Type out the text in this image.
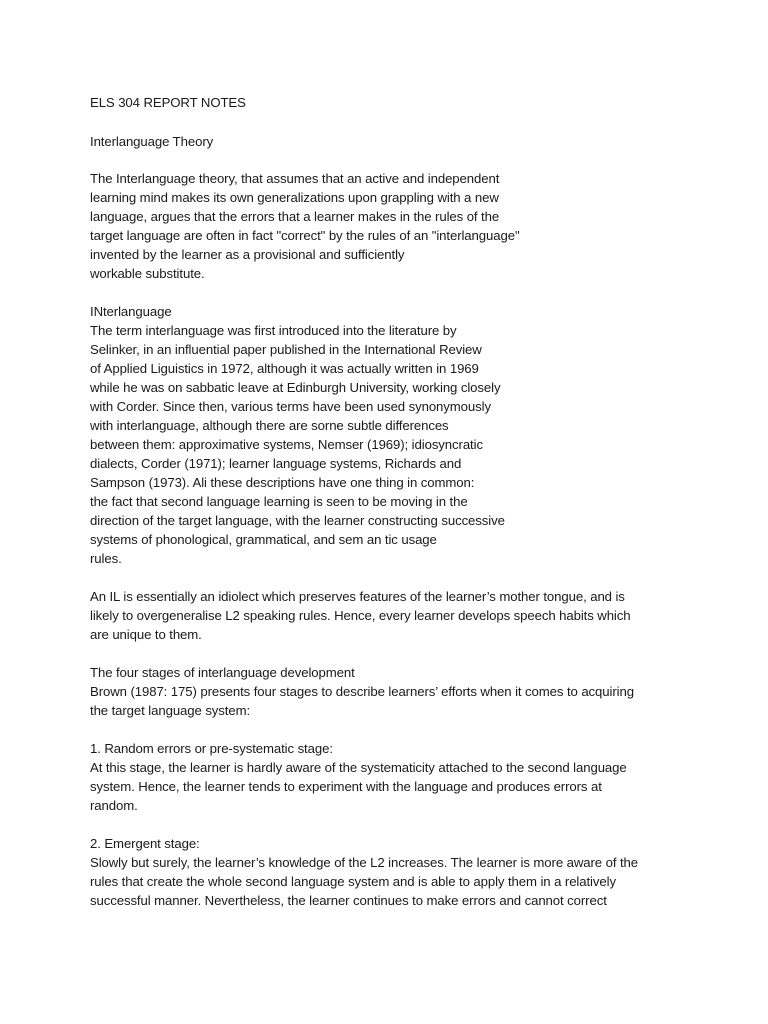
ELS 304 REPORT NOTES
Interlanguage Theory
The Interlanguage theory, that assumes that an active and independent
learning mind makes its own generalizations upon grappling with a new
language, argues that the errors that a learner makes in the rules of the
target language are often in fact "correct" by the rules of an "interlanguage"
invented by the learner as a provisional and sufficiently
workable substitute.
INterlanguage
The term interlanguage was first introduced into the literature by
Selinker, in an influential paper published in the International Review
of Applied Liguistics in 1972, although it was actually written in 1969
while he was on sabbatic leave at Edinburgh University, working closely
with Corder. Since then, various terms have been used synonymously
with interlanguage, although there are sorne subtle differences
between them: approximative systems, Nemser (1969); idiosyncratic
dialects, Corder (1971); learner language systems, Richards and
Sampson (1973). Ali these descriptions have one thing in common:
the fact that second language learning is seen to be moving in the
direction of the target language, with the learner constructing successive
systems of phonological, grammatical, and sem an tic usage
rules.
An IL is essentially an idiolect which preserves features of the learner’s mother tongue, and is
likely to overgeneralise L2 speaking rules. Hence, every learner develops speech habits which
are unique to them.
The four stages of interlanguage development
Brown (1987: 175) presents four stages to describe learners’ efforts when it comes to acquiring
the target language system:
1. Random errors or pre-systematic stage:
At this stage, the learner is hardly aware of the systematicity attached to the second language
system. Hence, the learner tends to experiment with the language and produces errors at
random.
2. Emergent stage:
Slowly but surely, the learner’s knowledge of the L2 increases. The learner is more aware of the
rules that create the whole second language system and is able to apply them in a relatively
successful manner. Nevertheless, the learner continues to make errors and cannot correct
